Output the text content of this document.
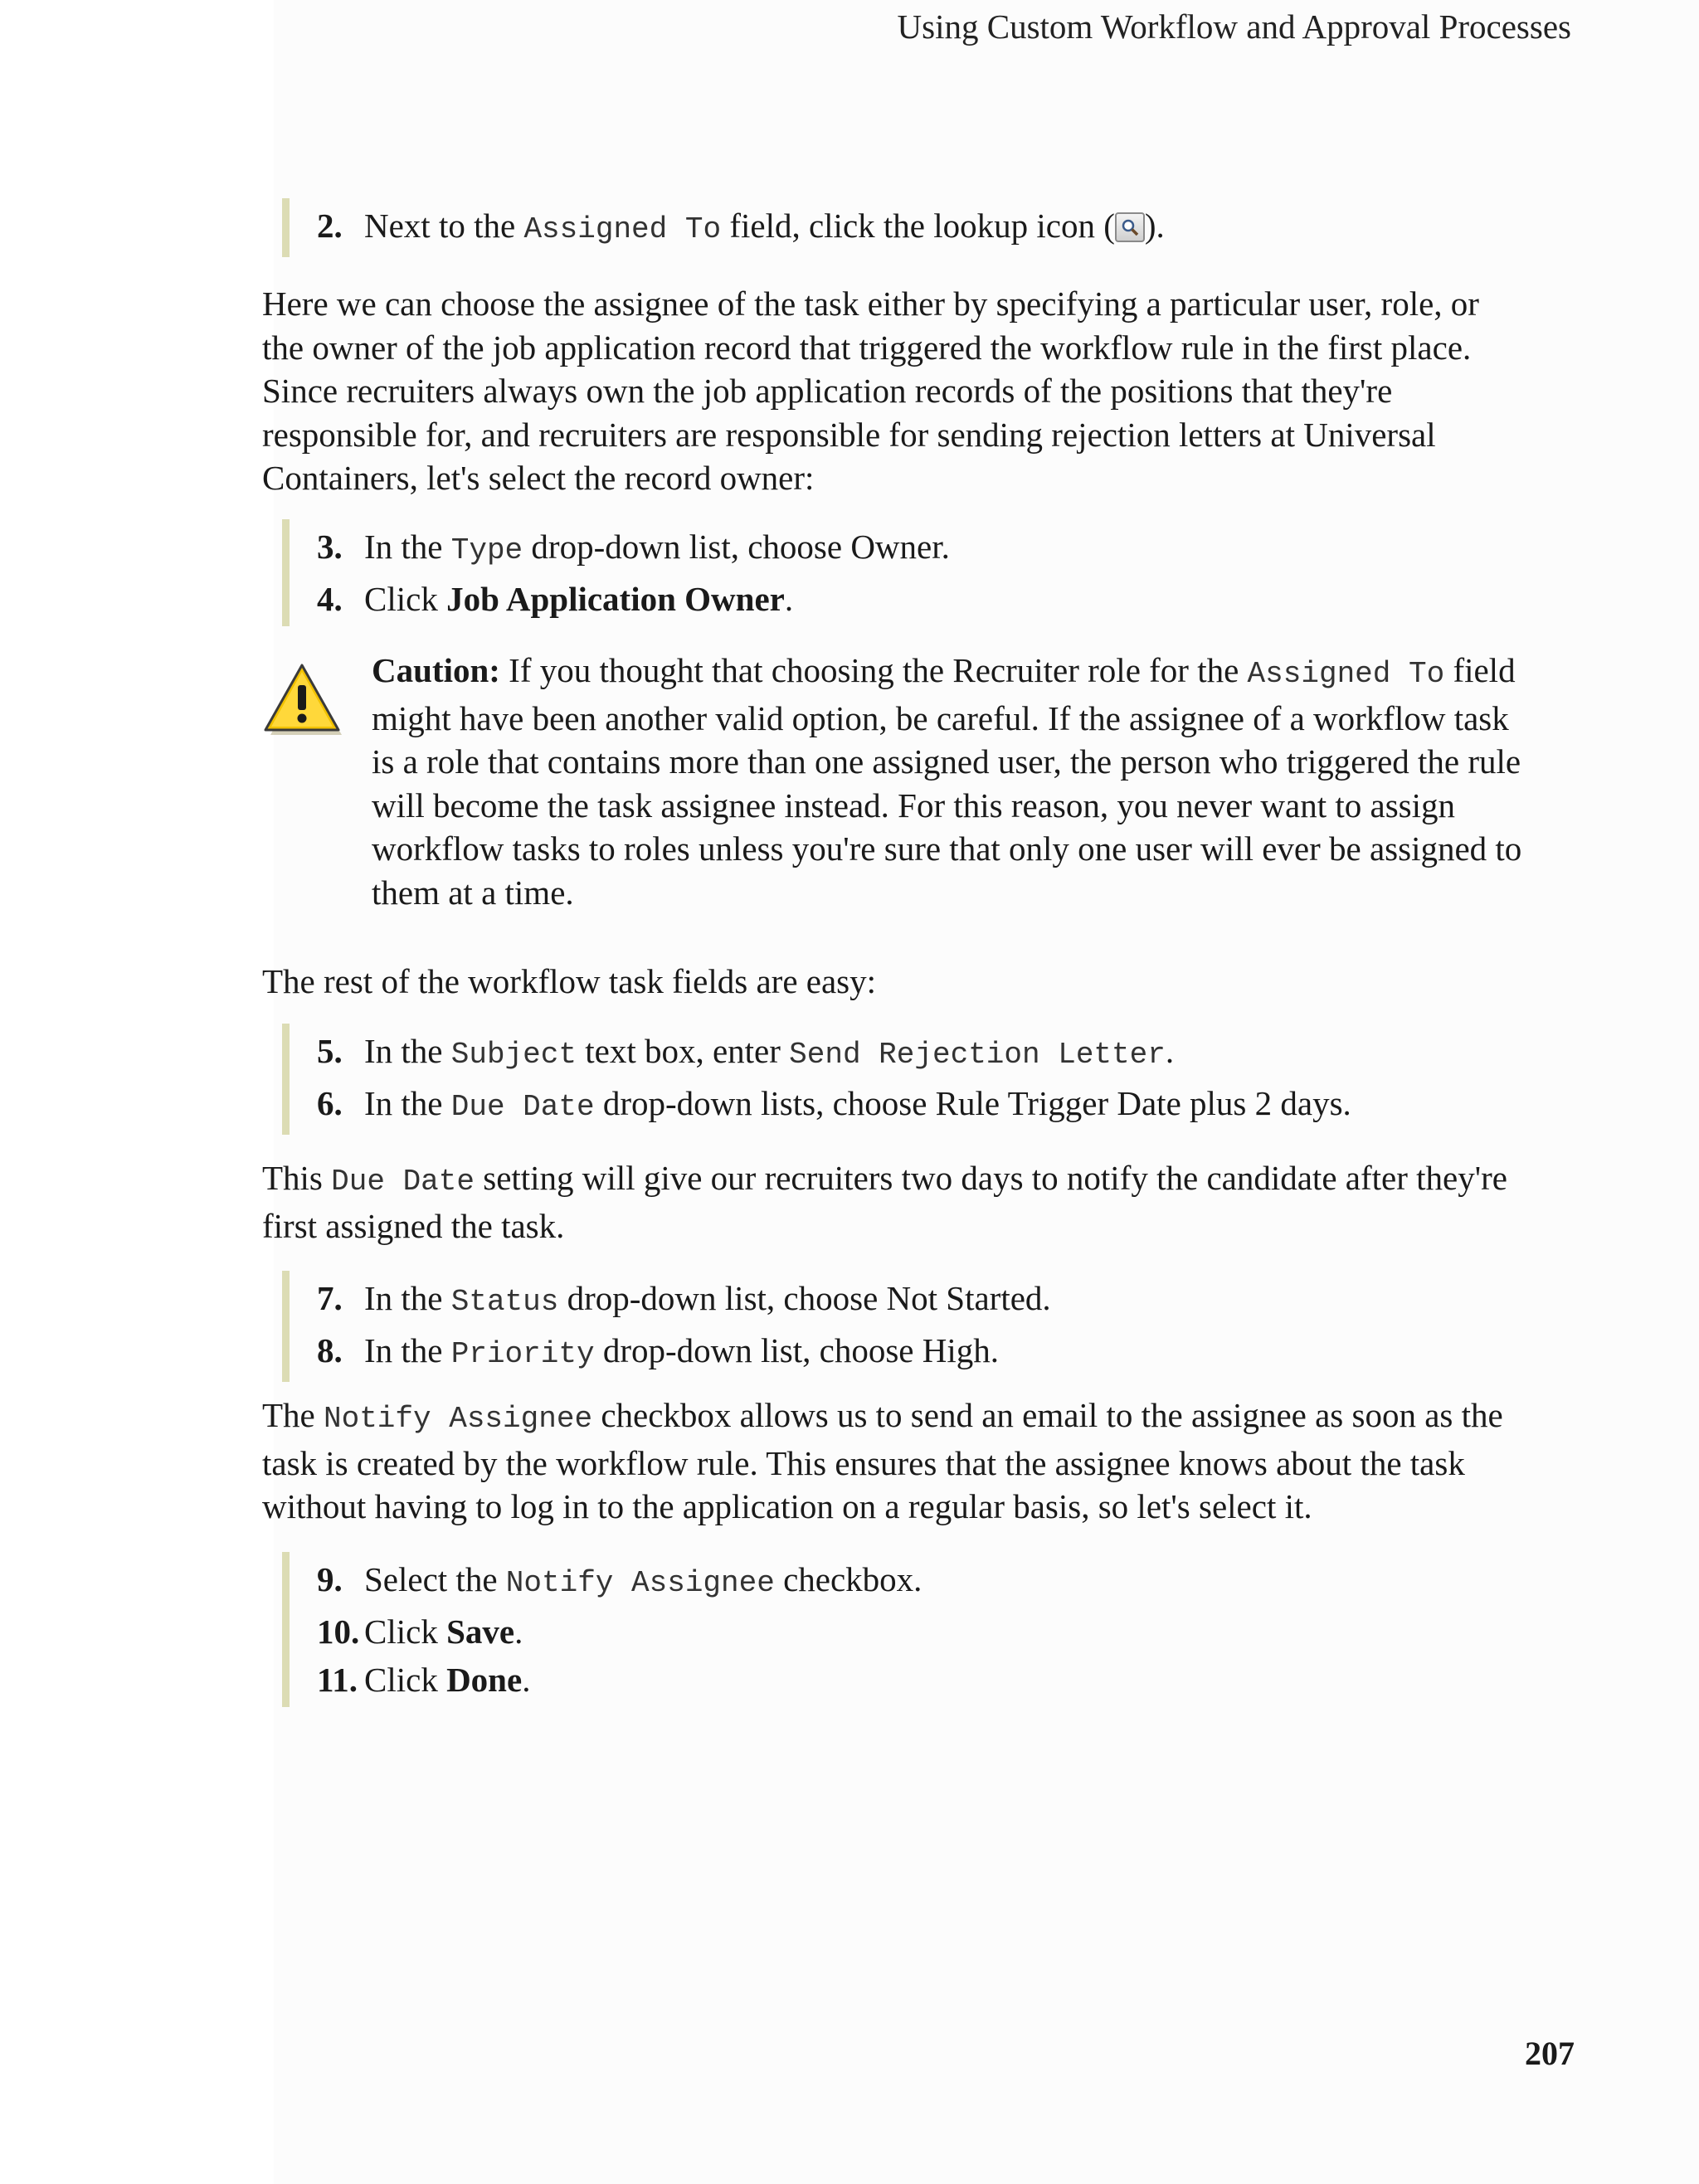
Using Custom Workflow and Approval Processes
2. Next to the Assigned To field, click the lookup icon ( ).
Here we can choose the assignee of the task either by specifying a particular user, role, or the owner of the job application record that triggered the workflow rule in the first place. Since recruiters always own the job application records of the positions that they're responsible for, and recruiters are responsible for sending rejection letters at Universal Containers, let's select the record owner:
3. In the Type drop-down list, choose Owner.
4. Click Job Application Owner.
Caution: If you thought that choosing the Recruiter role for the Assigned To field might have been another valid option, be careful. If the assignee of a workflow task is a role that contains more than one assigned user, the person who triggered the rule will become the task assignee instead. For this reason, you never want to assign workflow tasks to roles unless you're sure that only one user will ever be assigned to them at a time.
The rest of the workflow task fields are easy:
5. In the Subject text box, enter Send Rejection Letter.
6. In the Due Date drop-down lists, choose Rule Trigger Date plus 2 days.
This Due Date setting will give our recruiters two days to notify the candidate after they're first assigned the task.
7. In the Status drop-down list, choose Not Started.
8. In the Priority drop-down list, choose High.
The Notify Assignee checkbox allows us to send an email to the assignee as soon as the task is created by the workflow rule. This ensures that the assignee knows about the task without having to log in to the application on a regular basis, so let's select it.
9. Select the Notify Assignee checkbox.
10. Click Save.
11. Click Done.
207
